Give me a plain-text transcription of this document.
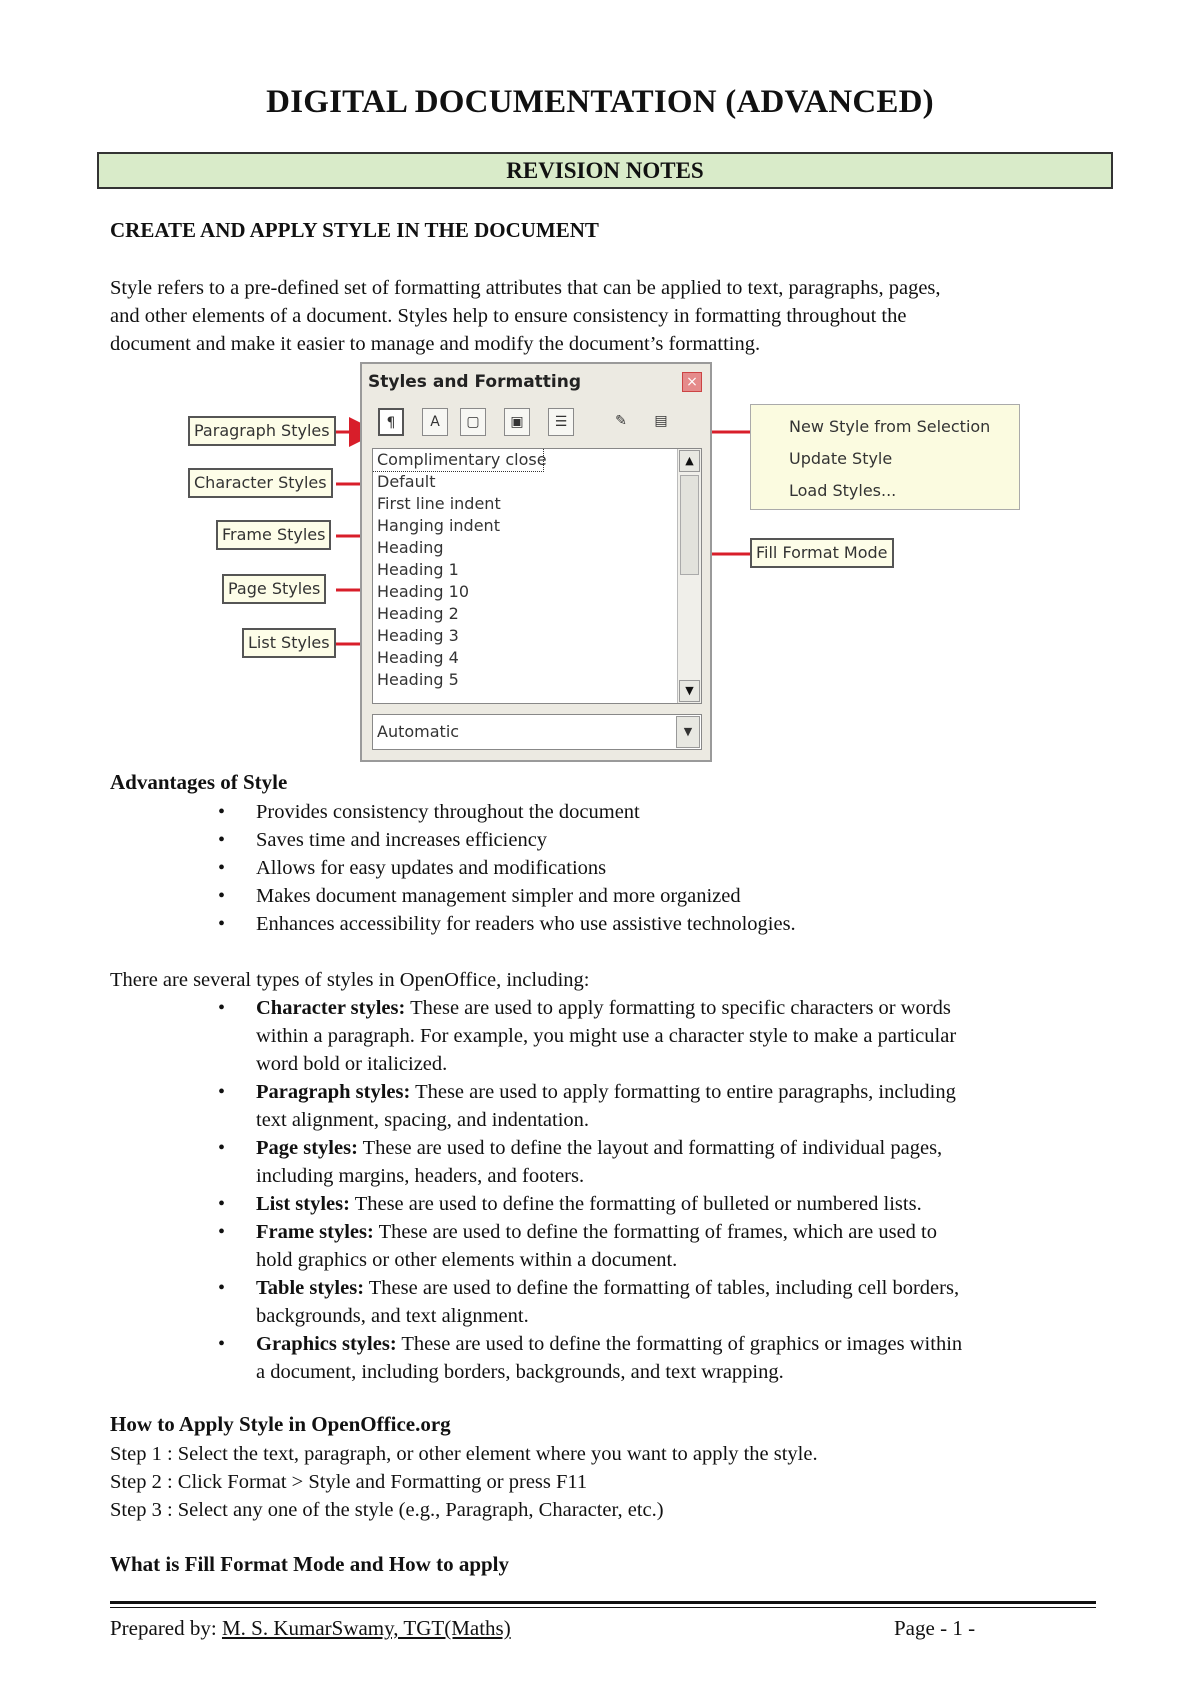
DIGITAL DOCUMENTATION (ADVANCED)
REVISION NOTES
CREATE AND APPLY STYLE IN THE DOCUMENT
Style refers to a pre-defined set of formatting attributes that can be applied to text, paragraphs, pages,
and other elements of a document. Styles help to ensure consistency in formatting throughout the
document and make it easier to manage and modify the document’s formatting.
Paragraph Styles
Character Styles
Frame Styles
Page Styles
List Styles
Fill Format Mode
Styles and Formatting	×
¶	A	▢	▣	☰	✎	▤
Complimentary close
Default
First line indent
Hanging indent
Heading
Heading 1
Heading 10
Heading 2
Heading 3
Heading 4
Heading 5
▲
▼
Automatic	▼
New Style from Selection
Update Style
Load Styles...
Advantages of Style
• Provides consistency throughout the document
• Saves time and increases efficiency
• Allows for easy updates and modifications
• Makes document management simpler and more organized
• Enhances accessibility for readers who use assistive technologies.
There are several types of styles in OpenOffice, including:
• Character styles: These are used to apply formatting to specific characters or words
within a paragraph. For example, you might use a character style to make a particular
word bold or italicized.
• Paragraph styles: These are used to apply formatting to entire paragraphs, including
text alignment, spacing, and indentation.
• Page styles: These are used to define the layout and formatting of individual pages,
including margins, headers, and footers.
• List styles: These are used to define the formatting of bulleted or numbered lists.
• Frame styles: These are used to define the formatting of frames, which are used to
hold graphics or other elements within a document.
• Table styles: These are used to define the formatting of tables, including cell borders,
backgrounds, and text alignment.
• Graphics styles: These are used to define the formatting of graphics or images within
a document, including borders, backgrounds, and text wrapping.
How to Apply Style in OpenOffice.org
Step 1 : Select the text, paragraph, or other element where you want to apply the style.
Step 2 : Click Format > Style and Formatting or press F11
Step 3 : Select any one of the style (e.g., Paragraph, Character, etc.)
What is Fill Format Mode and How to apply
Prepared by: M. S. KumarSwamy, TGT(Maths)	Page - 1 -
